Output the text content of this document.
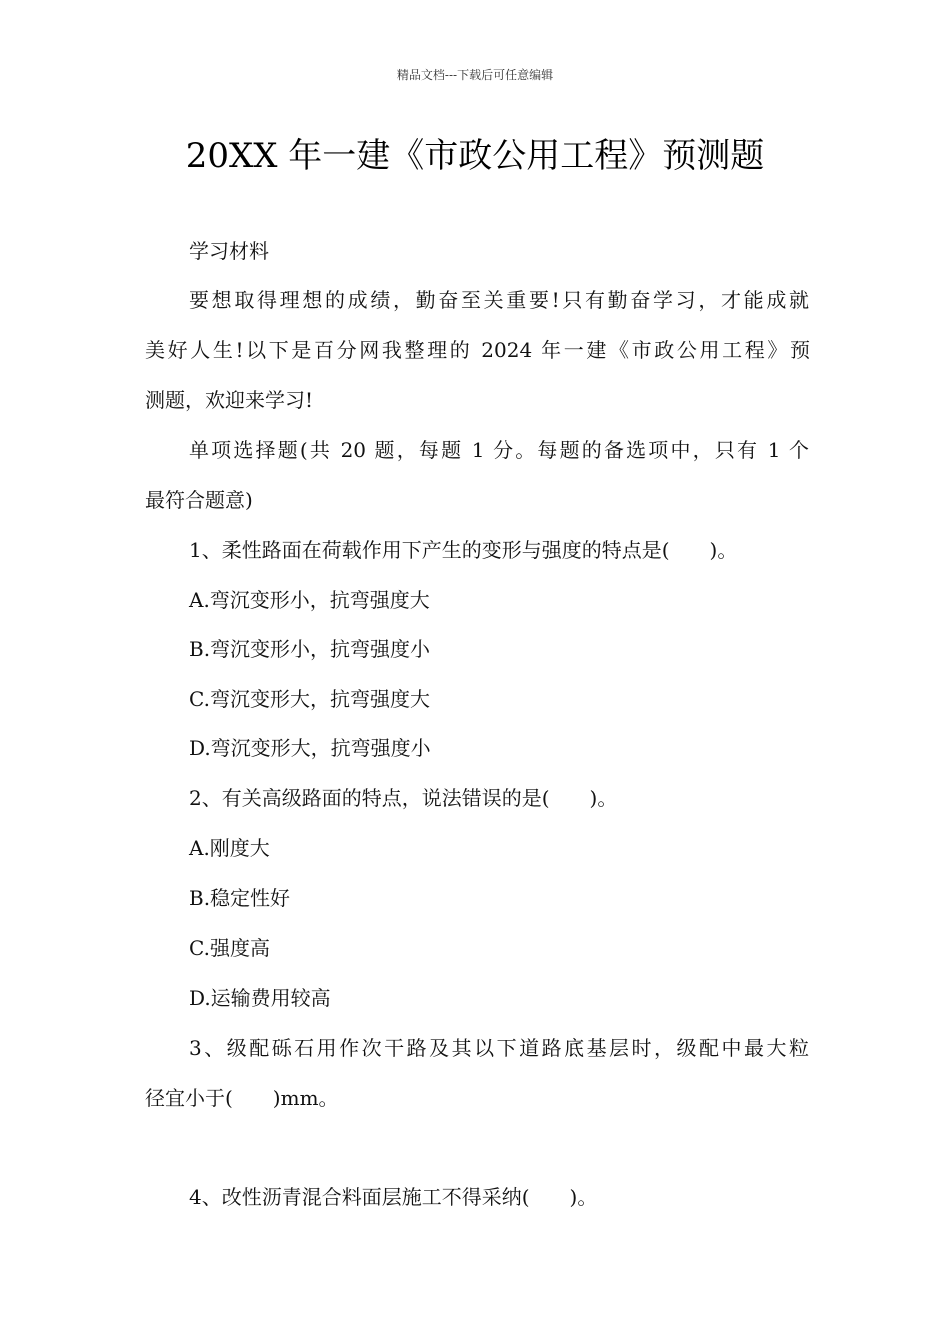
精品文档---下载后可任意编辑
20XX 年一建《市政公用工程》预测题
学习材料
要想取得理想的成绩，勤奋至关重要!只有勤奋学习，才能成就
美好人生!以下是百分网我整理的 2024 年一建《市政公用工程》预
测题，欢迎来学习!
单项选择题(共 20 题，每题 1 分。每题的备选项中，只有 1 个
最符合题意)
1、柔性路面在荷载作用下产生的变形与强度的特点是(　　)。
A.弯沉变形小，抗弯强度大
B.弯沉变形小，抗弯强度小
C.弯沉变形大，抗弯强度大
D.弯沉变形大，抗弯强度小
2、有关高级路面的特点，说法错误的是(　　)。
A.刚度大
B.稳定性好
C.强度高
D.运输费用较高
3、级配砾石用作次干路及其以下道路底基层时，级配中最大粒
径宜小于(　　)mm。
4、改性沥青混合料面层施工不得采纳(　　)。
